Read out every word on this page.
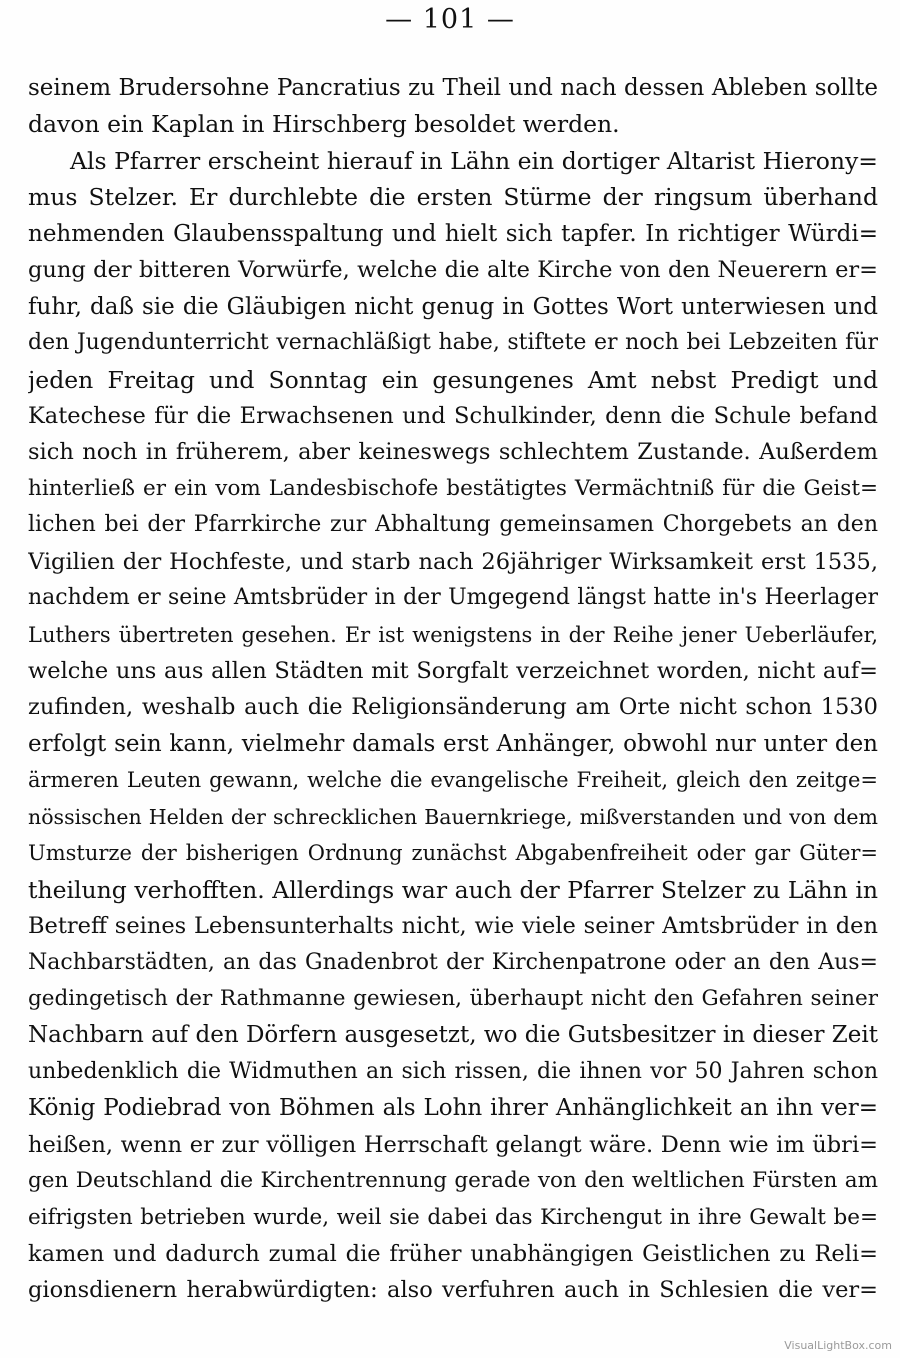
— 101 —
seinem Brudersohne Pancratius zu Theil und nach dessen Ableben sollte
davon ein Kaplan in Hirschberg besoldet werden.
Als Pfarrer erscheint hierauf in Lähn ein dortiger Altarist Hierony=
mus Stelzer. Er durchlebte die ersten Stürme der ringsum überhand
nehmenden Glaubensspaltung und hielt sich tapfer. In richtiger Würdi=
gung der bitteren Vorwürfe, welche die alte Kirche von den Neuerern er=
fuhr, daß sie die Gläubigen nicht genug in Gottes Wort unterwiesen und
den Jugendunterricht vernachläßigt habe, stiftete er noch bei Lebzeiten für
jeden Freitag und Sonntag ein gesungenes Amt nebst Predigt und
Katechese für die Erwachsenen und Schulkinder, denn die Schule befand
sich noch in früherem, aber keineswegs schlechtem Zustande. Außerdem
hinterließ er ein vom Landesbischofe bestätigtes Vermächtniß für die Geist=
lichen bei der Pfarrkirche zur Abhaltung gemeinsamen Chorgebets an den
Vigilien der Hochfeste, und starb nach 26jähriger Wirksamkeit erst 1535,
nachdem er seine Amtsbrüder in der Umgegend längst hatte in's Heerlager
Luthers übertreten gesehen. Er ist wenigstens in der Reihe jener Ueberläufer,
welche uns aus allen Städten mit Sorgfalt verzeichnet worden, nicht auf=
zufinden, weshalb auch die Religionsänderung am Orte nicht schon 1530
erfolgt sein kann, vielmehr damals erst Anhänger, obwohl nur unter den
ärmeren Leuten gewann, welche die evangelische Freiheit, gleich den zeitge=
nössischen Helden der schrecklichen Bauernkriege, mißverstanden und von dem
Umsturze der bisherigen Ordnung zunächst Abgabenfreiheit oder gar Güter=
theilung verhofften. Allerdings war auch der Pfarrer Stelzer zu Lähn in
Betreff seines Lebensunterhalts nicht, wie viele seiner Amtsbrüder in den
Nachbarstädten, an das Gnadenbrot der Kirchenpatrone oder an den Aus=
gedingetisch der Rathmanne gewiesen, überhaupt nicht den Gefahren seiner
Nachbarn auf den Dörfern ausgesetzt, wo die Gutsbesitzer in dieser Zeit
unbedenklich die Widmuthen an sich rissen, die ihnen vor 50 Jahren schon
König Podiebrad von Böhmen als Lohn ihrer Anhänglichkeit an ihn ver=
heißen, wenn er zur völligen Herrschaft gelangt wäre. Denn wie im übri=
gen Deutschland die Kirchentrennung gerade von den weltlichen Fürsten am
eifrigsten betrieben wurde, weil sie dabei das Kirchengut in ihre Gewalt be=
kamen und dadurch zumal die früher unabhängigen Geistlichen zu Reli=
gionsdienern herabwürdigten: also verfuhren auch in Schlesien die ver=
VisualLightBox.com
